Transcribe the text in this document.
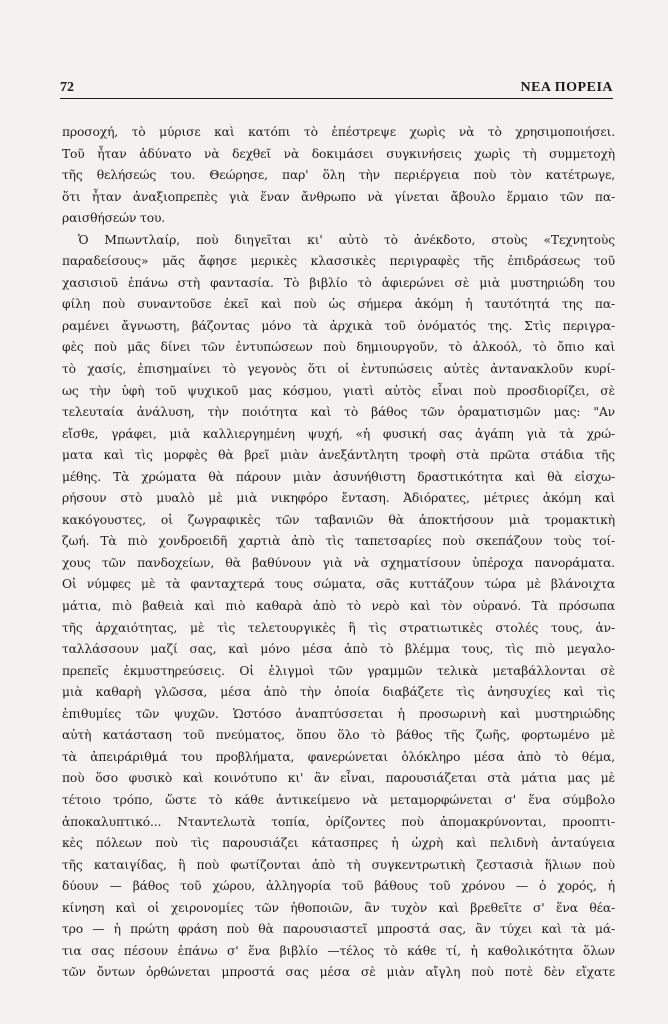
72	ΝΕΑ ΠΟΡΕΙΑ
προσοχή, τὸ μύρισε καὶ κατόπι τὸ ἐπέστρεψε χωρὶς νὰ τὸ χρησιμοποιήσει.
Τοῦ ἦταν ἀδύνατο νὰ δεχθεῖ νὰ δοκιμάσει συγκινήσεις χωρὶς τὴ συμμετοχὴ
τῆς θελήσεώς του. Θεώρησε, παρ' ὅλη τὴν περιέργεια ποὺ τὸν κατέτρωγε,
ὅτι ἦταν ἀναξιοπρεπὲς γιὰ ἕναν ἄνθρωπο νὰ γίνεται ἄβουλο ἕρμαιο τῶν πα-
ραισθήσεών του.
Ὁ Μπωντλαίρ, ποὺ διηγεῖται κι' αὐτὸ τὸ ἀνέκδοτο, στοὺς «Τεχνητοὺς
παραδείσους» μᾶς ἄφησε μερικὲς κλασσικὲς περιγραφὲς τῆς ἐπιδράσεως τοῦ
χασισιοῦ ἐπάνω στὴ φαντασία. Τὸ βιβλίο τὸ ἀφιερώνει σὲ μιὰ μυστηριώδη του
φίλη ποὺ συναντοῦσε ἐκεῖ καὶ ποὺ ὡς σήμερα ἀκόμη ἡ ταυτότητά της πα-
ραμένει ἄγνωστη, βάζοντας μόνο τὰ ἀρχικὰ τοῦ ὀνόματός της. Στὶς περιγρα-
φὲς ποὺ μᾶς δίνει τῶν ἐντυπώσεων ποὺ δημιουργοῦν, τὸ ἀλκοόλ, τὸ ὄπιο καὶ
τὸ χασίς, ἐπισημαίνει τὸ γεγονὸς ὅτι οἱ ἐντυπώσεις αὐτὲς ἀντανακλοῦν κυρί-
ως τὴν ὑφὴ τοῦ ψυχικοῦ μας κόσμου, γιατὶ αὐτὸς εἶναι ποὺ προσδιορίζει, σὲ
τελευταία ἀνάλυση, τὴν ποιότητα καὶ τὸ βάθος τῶν ὁραματισμῶν μας: "Αν
εἴσθε, γράφει, μιὰ καλλιεργημένη ψυχή, «ἡ φυσική σας ἀγάπη γιὰ τὰ χρώ-
ματα καὶ τὶς μορφὲς θὰ βρεῖ μιὰν ἀνεξάντλητη τροφὴ στὰ πρῶτα στάδια τῆς
μέθης. Τὰ χρώματα θὰ πάρουν μιὰν ἀσυνήθιστη δραστικότητα καὶ θὰ εἰσχω-
ρήσουν στὸ μυαλὸ μὲ μιὰ νικηφόρο ἔνταση. Ἀδιόρατες, μέτριες ἀκόμη καὶ
κακόγουστες, οἱ ζωγραφικὲς τῶν ταβανιῶν θὰ ἀποκτήσουν μιὰ τρομακτικὴ
ζωή. Τὰ πιὸ χονδροειδῆ χαρτιὰ ἀπὸ τὶς ταπετσαρίες ποὺ σκεπάζουν τοὺς τοί-
χους τῶν πανδοχείων, θὰ βαθύνουν γιὰ νὰ σχηματίσουν ὑπέροχα πανοράματα.
Οἱ νύμφες μὲ τὰ φανταχτερά τους σώματα, σᾶς κυττάζουν τώρα μὲ βλάνοιχτα
μάτια, πιὸ βαθειὰ καὶ πιὸ καθαρὰ ἀπὸ τὸ νερὸ καὶ τὸν οὐρανό. Τὰ πρόσωπα
τῆς ἀρχαιότητας, μὲ τὶς τελετουργικὲς ἢ τὶς στρατιωτικὲς στολές τους, ἀν-
ταλλάσσουν μαζί σας, καὶ μόνο μέσα ἀπὸ τὸ βλέμμα τους, τὶς πιὸ μεγαλο-
πρεπεῖς ἐκμυστηρεύσεις. Οἱ ἑλιγμοὶ τῶν γραμμῶν τελικὰ μεταβάλλονται σὲ
μιὰ καθαρὴ γλῶσσα, μέσα ἀπὸ τὴν ὁποία διαβάζετε τὶς ἀνησυχίες καὶ τὶς
ἐπιθυμίες τῶν ψυχῶν. Ὡστόσο ἀναπτύσσεται ἡ προσωρινὴ καὶ μυστηριώδης
αὐτὴ κατάσταση τοῦ πνεύματος, ὅπου ὅλο τὸ βάθος τῆς ζωῆς, φορτωμένο μὲ
τὰ ἀπειράριθμά του προβλήματα, φανερώνεται ὁλόκληρο μέσα ἀπὸ τὸ θέμα,
ποὺ ὅσο φυσικὸ καὶ κοινότυπο κι' ἂν εἶναι, παρουσιάζεται στὰ μάτια μας μὲ
τέτοιο τρόπο, ὥστε τὸ κάθε ἀντικείμενο νὰ μεταμορφώνεται σ' ἕνα σύμβολο
ἀποκαλυπτικό... Νταντελωτὰ τοπία, ὁρίζοντες ποὺ ἀπομακρύνονται, προοπτι-
κὲς πόλεων ποὺ τὶς παρουσιάζει κάτασπρες ἡ ὠχρὴ καὶ πελιδνὴ ἀνταύγεια
τῆς καταιγίδας, ἢ ποὺ φωτίζονται ἀπὸ τὴ συγκεντρωτικὴ ζεστασιὰ ἥλιων ποὺ
δύουν — βάθος τοῦ χώρου, ἀλληγορία τοῦ βάθους τοῦ χρόνου — ὁ χορός, ἡ
κίνηση καὶ οἱ χειρονομίες τῶν ἠθοποιῶν, ἂν τυχὸν καὶ βρεθεῖτε σ' ἕνα θέα-
τρο — ἡ πρώτη φράση ποὺ θὰ παρουσιαστεῖ μπροστά σας, ἂν τύχει καὶ τὰ μά-
τια σας πέσουν ἐπάνω σ' ἕνα βιβλίο —τέλος τὸ κάθε τί, ἡ καθολικότητα ὅλων
τῶν ὄντων ὀρθώνεται μπροστά σας μέσα σὲ μιὰν αἴγλη ποὺ ποτὲ δὲν εἴχατε
